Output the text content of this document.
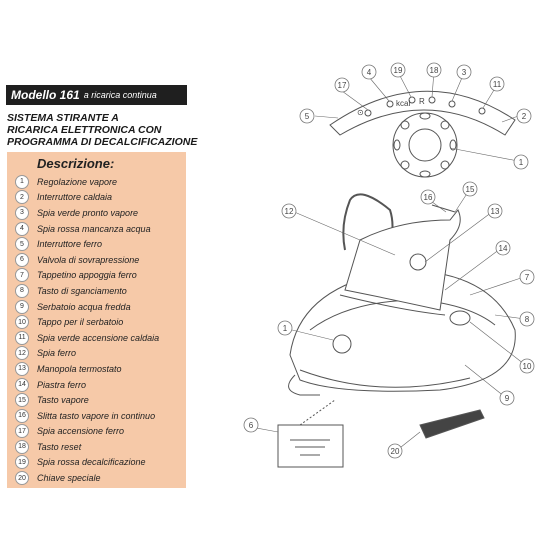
Modello 161 a ricarica continua
SISTEMA STIRANTE A
RICARICA ELETTRONICA CON
PROGRAMMA DI DECALCIFICAZIONE
Descrizione:
1	Regolazione vapore
2	Interruttore caldaia
3	Spia verde pronto vapore
4	Spia rossa mancanza acqua
5	Interruttore ferro
6	Valvola di sovrapressione
7	Tappetino appoggia ferro
8	Tasto di sganciamento
9	Serbatoio acqua fredda
10	Tappo per il serbatoio
11	Spia verde accensione caldaia
12	Spia ferro
13	Manopola termostato
14	Piastra ferro
15	Tasto vapore
16	Slitta tasto vapore in continuo
17	Spia accensione ferro
18	Tasto reset
19	Spia rossa decalcificazione
20	Chiave speciale
17
4	19	18	3
11
5	2
1
16
15
12	13
14
7
8
10
9
1
6
20
⊙
kcal R
